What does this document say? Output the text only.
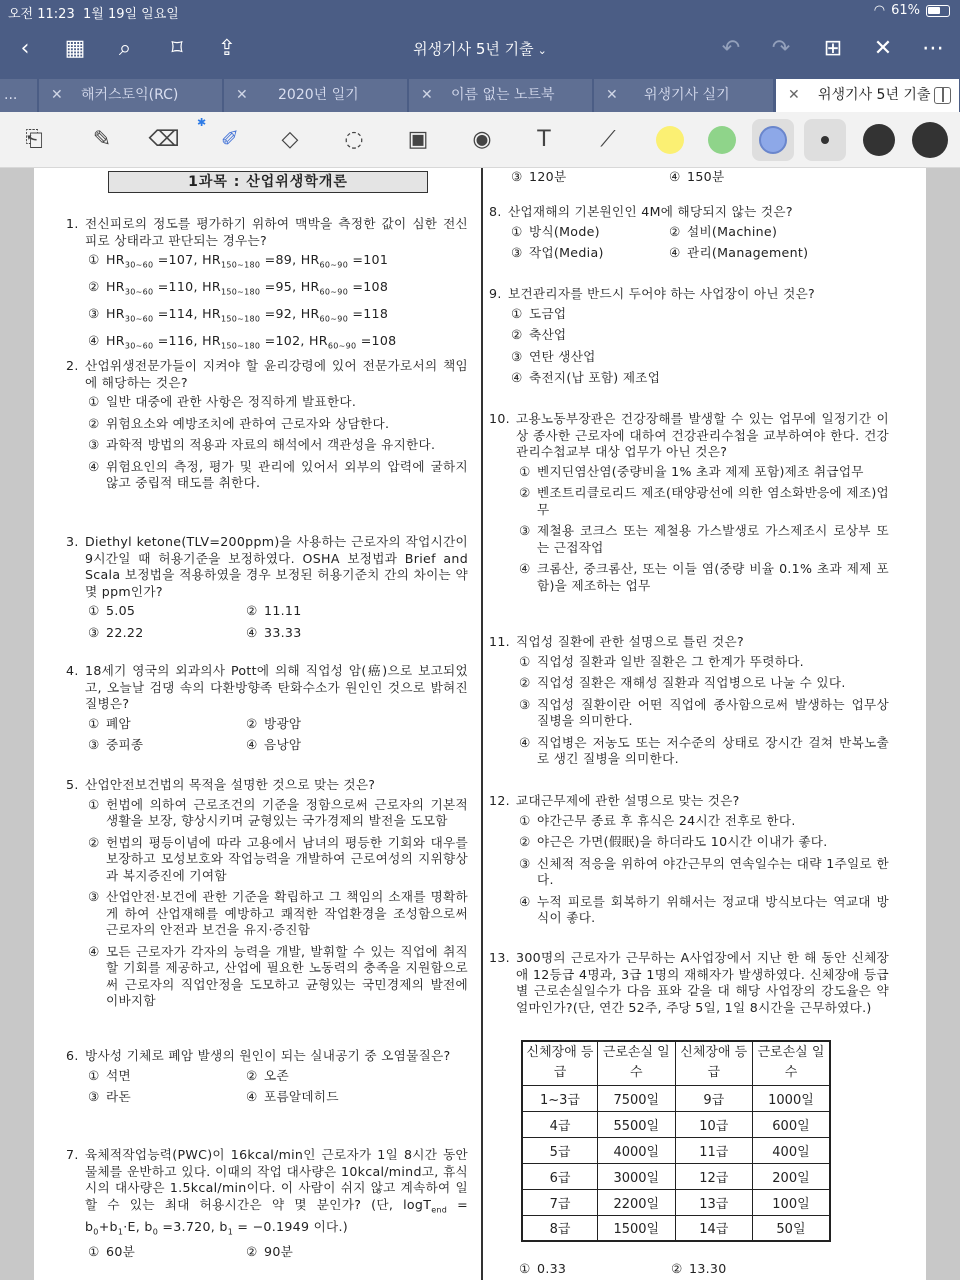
오전 11:23 1월 19일 일요일	◠ 61%
‹	▦	⌕	⌑	⇪	위생기사 5년 기출 ⌄	↶	↷	⊞	✕	⋯
... ✕ 해커스토익(RC)	✕ 2020년 일기	✕ 이름 없는 노트북	✕ 위생기사 실기	✕ 위생기사 5년 기출
⎗	✎	⌫
✱
✐	◇	◌	▣	◉	T	⟋
1과목 : 산업위생학개론
1. 전신피로의 정도를 평가하기 위하여 맥박을 측정한 값이 심한 전신피로 상태라고 판단되는 경우는?
① $HR_{30\sim 60} =107$, $HR_{150\sim 180} =89$, $HR_{60\sim 90} =101$
② $HR_{30\sim 60} =110$, $HR_{150\sim 180} =95$, $HR_{60\sim 90} =108$
③ $HR_{30\sim 60} =114$, $HR_{150\sim 180} =92$, $HR_{60\sim 90} =118$
④ $HR_{30\sim 60} =116$, $HR_{150\sim 180} =102$, $HR_{60\sim 90} =108$
2. 산업위생전문가들이 지켜야 할 윤리강령에 있어 전문가로서의 책임에 해당하는 것은?
① 일반 대중에 관한 사항은 정직하게 발표한다.
② 위험요소와 예방조치에 관하여 근로자와 상담한다.
③ 과학적 방법의 적용과 자료의 해석에서 객관성을 유지한다.
④ 위험요인의 측정, 평가 및 관리에 있어서 외부의 압력에 굴하지 않고 중립적 태도를 취한다.
3. Diethyl ketone(TLV=200ppm)을 사용하는 근로자의 작업시간이 9시간일 때 허용기준을 보정하였다. OSHA 보정법과 Brief and Scala 보정법을 적용하였을 경우 보정된 허용기준치 간의 차이는 약 몇 ppm인가?
① 5.05	② 11.11
③ 22.22	④ 33.33
4. 18세기 영국의 외과의사 Pott에 의해 직업성 암(癌)으로 보고되었고, 오늘날 검댕 속의 다환방향족 탄화수소가 원인인 것으로 밝혀진 질병은?
① 폐암	② 방광암
③ 중피종	④ 음낭암
5. 산업안전보건법의 목적을 설명한 것으로 맞는 것은?
① 헌법에 의하여 근로조건의 기준을 정함으로써 근로자의 기본적 생활을 보장, 향상시키며 균형있는 국가경제의 발전을 도모함
② 헌법의 평등이념에 따라 고용에서 남녀의 평등한 기회와 대우를 보장하고 모성보호와 작업능력을 개발하여 근로여성의 지위향상과 복지증진에 기여함
③ 산업안전·보건에 관한 기준을 확립하고 그 책임의 소재를 명확하게 하여 산업재해를 예방하고 쾌적한 작업환경을 조성함으로써 근로자의 안전과 보건을 유지·증진함
④ 모든 근로자가 각자의 능력을 개발, 발휘할 수 있는 직업에 취직할 기회를 제공하고, 산업에 필요한 노동력의 충족을 지원함으로써 근로자의 직업안정을 도모하고 균형있는 국민경제의 발전에 이바지함
6. 방사성 기체로 폐암 발생의 원인이 되는 실내공기 중 오염물질은?
① 석면	② 오존
③ 라돈	④ 포름알데히드
7. 육체적작업능력(PWC)이 16kcal/min인 근로자가 1일 8시간 동안 물체를 운반하고 있다. 이때의 작업 대사량은 10kcal/mind고, 휴식시의 대사량은 1.5kcal/min이다. 이 사람이 쉬지 않고 계속하여 일할 수 있는 최대 허용시간은 약 몇 분인가? (단, $\log T_{end} = b_0+b_1\cdot E$, $b_0 =3.720$, $b_1 = -0.1949$ 이다.)
① 60분	② 90분
③ 120분	④ 150분
8. 산업재해의 기본원인인 4M에 해당되지 않는 것은?
① 방식(Mode)	② 설비(Machine)
③ 작업(Media)	④ 관리(Management)
9. 보건관리자를 반드시 두어야 하는 사업장이 아닌 것은?
① 도금업
② 축산업
③ 연탄 생산업
④ 축전지(납 포함) 제조업
10. 고용노동부장관은 건강장해를 발생할 수 있는 업무에 일정기간 이상 종사한 근로자에 대하여 건강관리수첩을 교부하여야 한다. 건강관리수첩교부 대상 업무가 아닌 것은?
① 벤지딘염산염(중량비율 1% 초과 제제 포함)제조 취급업무
② 벤조트리클로리드 제조(태양광선에 의한 염소화반응에 제조)업무
③ 제철용 코크스 또는 제철용 가스발생로 가스제조시 로상부 또는 근접작업
④ 크롬산, 중크롬산, 또는 이들 염(중량 비율 0.1% 초과 제제 포함)을 제조하는 업무
11. 직업성 질환에 관한 설명으로 틀린 것은?
① 직업성 질환과 일반 질환은 그 한계가 뚜렷하다.
② 직업성 질환은 재해성 질환과 직업병으로 나눌 수 있다.
③ 직업성 질환이란 어떤 직업에 종사함으로써 발생하는 업무상 질병을 의미한다.
④ 직업병은 저농도 또는 저수준의 상태로 장시간 걸쳐 반복노출로 생긴 질병을 의미한다.
12. 교대근무제에 관한 설명으로 맞는 것은?
① 야간근무 종료 후 휴식은 24시간 전후로 한다.
② 야근은 가면(假眠)을 하더라도 10시간 이내가 좋다.
③ 신체적 적응을 위하여 야간근무의 연속일수는 대략 1주일로 한다.
④ 누적 피로를 회복하기 위해서는 정교대 방식보다는 역교대 방식이 좋다.
13. 300명의 근로자가 근무하는 A사업장에서 지난 한 해 동안 신체장애 12등급 4명과, 3급 1명의 재해자가 발생하였다. 신체장애 등급별 근로손실일수가 다음 표와 같을 대 해당 사업장의 강도율은 약 얼마인가?(단, 연간 52주, 주당 5일, 1일 8시간을 근무하였다.)
신체장애 등급	근로손실 일수	신체장애 등급	근로손실 일수
1~3급	7500일	9급	1000일
4급	5500일	10급	600일
5급	4000일	11급	400일
6급	3000일	12급	200일
7급	2200일	13급	100일
8급	1500일	14급	50일
① 0.33	② 13.30
